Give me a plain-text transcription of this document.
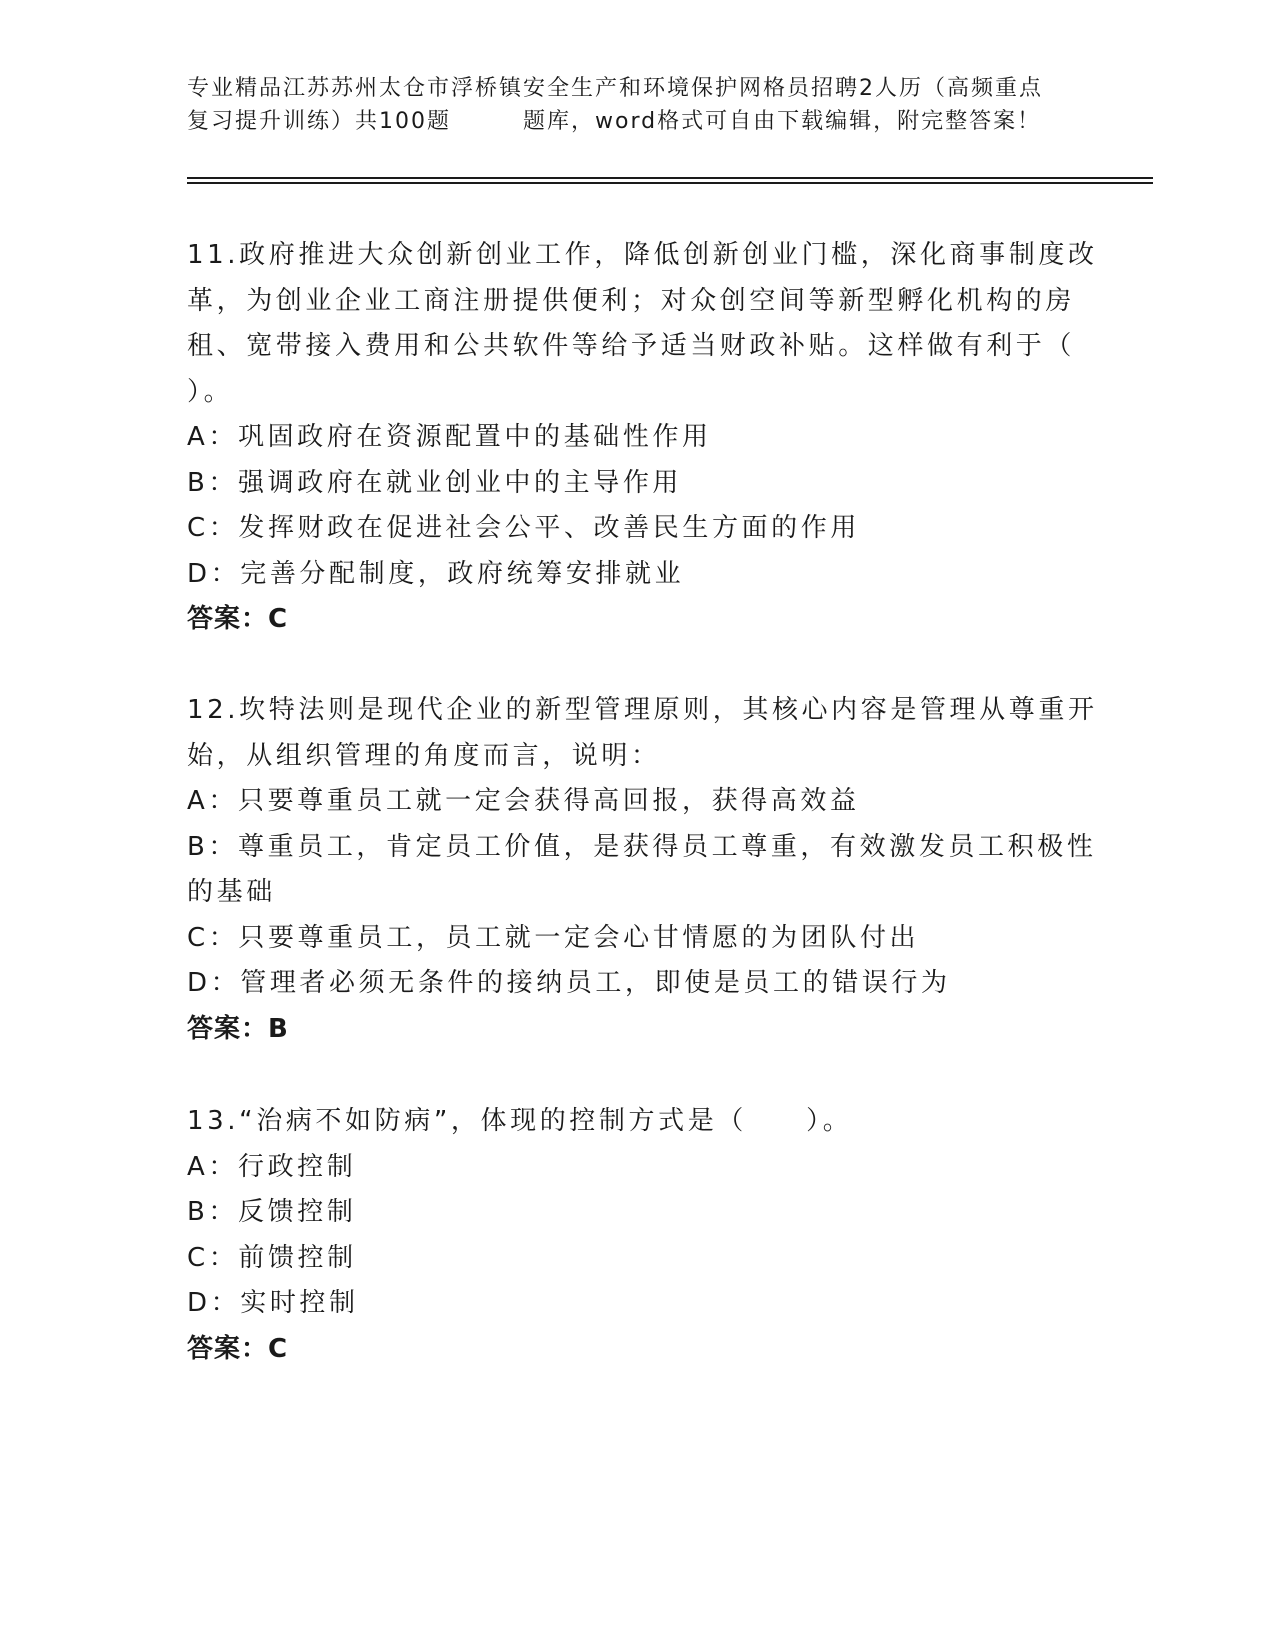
专业精品江苏苏州太仓市浮桥镇安全生产和环境保护网格员招聘2人历（高频重点
复习提升训练）共100题	题库，word格式可自由下载编辑，附完整答案！
11.政府推进大众创新创业工作，降低创新创业门槛，深化商事制度改
革，为创业企业工商注册提供便利；对众创空间等新型孵化机构的房
租、宽带接入费用和公共软件等给予适当财政补贴。这样做有利于（
）。
A：巩固政府在资源配置中的基础性作用
B：强调政府在就业创业中的主导作用
C：发挥财政在促进社会公平、改善民生方面的作用
D：完善分配制度，政府统筹安排就业
答案：C
12.坎特法则是现代企业的新型管理原则，其核心内容是管理从尊重开
始，从组织管理的角度而言，说明：
A：只要尊重员工就一定会获得高回报，获得高效益
B：尊重员工，肯定员工价值，是获得员工尊重，有效激发员工积极性
的基础
C：只要尊重员工，员工就一定会心甘情愿的为团队付出
D：管理者必须无条件的接纳员工，即使是员工的错误行为
答案：B
13.“治病不如防病”，体现的控制方式是（　　）。
A：行政控制
B：反馈控制
C：前馈控制
D：实时控制
答案：C
